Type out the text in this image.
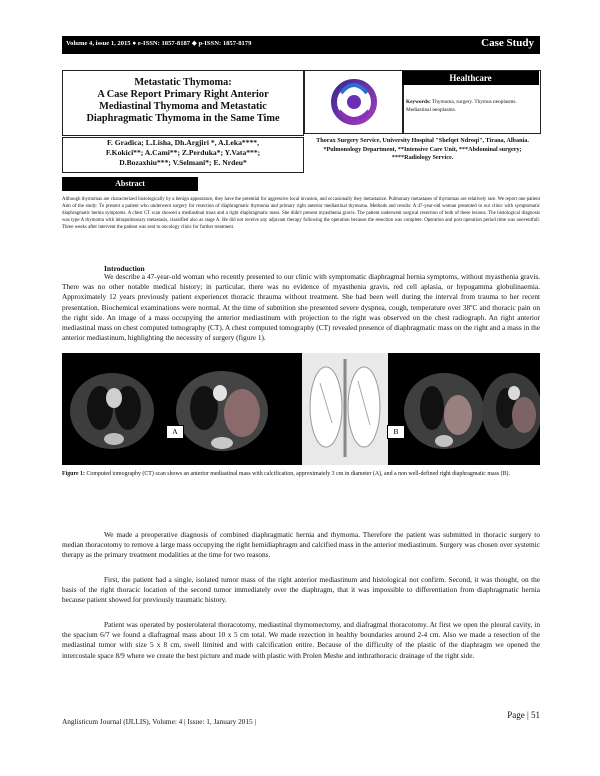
Volume 4, issue 1, 2015 ● e-ISSN: 1857-8187 ◆ p-ISSN: 1857-8179	Case Study
Metastatic Thymoma:
A Case Report Primary Right Anterior
Mediastinal Thymoma and Metastatic
Diaphragmatic Thymoma in the Same Time
Healthcare
Keywords: Thymoma, surgery. Thymus neoplasms. Mediastinal neoplasms.
F. Gradica; L.Lisha, Dh.Argjiri *, A.Leka****,
F.Kokici**; A.Cami**; Z.Perduka*; Y.Vata***;
D.Bozaxhiu***; V.Selmani*; E. Nrdeu*
Thorax Surgery Service, University Hospital "Shefqet Ndroqi", Tirana, Albania. *Pulmonology Department, **Intensive Care Unit, ***Abdominal surgery; ****Radiology Service.
Abstract
Although thymomas are characterized histologically by a benign appearance, they have the potential for aggressive local invasion, and occasionally they metastasize. Pulmonary metastases of thymomas are relatively rare. We report one patient Aim of the study: To present a patient who underwent surgery for resection of diaphragmatic thymoma and primary right anterior mediastinal thymoma. Methods and results: A 47-year-old woman presented to our clinic with symptomatic diaphragmatic hernia symptoms. A chest CT scan showed a mediastinal mass and a right diaphragmatic mass. She didn't present myasthenia gravis. The patient underwent surgical resection of both of these lesions. The histological diagnosis was type A thymoma with intrapulmonary metastasis, classified also as stage A. He did not receive any adjuvant therapy following the operation because the resection was complete. Operation and post operation period time was uneventfull. Three weeks after intervent the patient was sent to oncology clinic for further treatment.
Introduction
We describe a 47-year-old woman who recently presented to our clinic with symptomatic diaphragmal hernia symptoms, without myasthenia gravis. There was no other notable medical history; in particular, there was no evidence of myasthenia gravis, red cell aplasia, or hypogamma globulinaemia. Approximately 12 years previously patient experiencet thoracic thrauma without treatment. She had been well during the interval from trauma to her recent presentation. Biochemical examinations were normal. At the time of submition she presented severe dyspnea, cough, temperature over 38ºC and thoracic pain on the right side. An image of a mass occupying the anterior mediastinum with projection to the right was observed on the chest radiograph. An right anterior mediastinal mass on chest computed tomography (CT). A chest computed tomography (CT) revealed presence of diaphragmatic mass on the right and a mass in the anterior mediastinum, highlighting the necessity of surgery (figure 1).
A	B
Figure 1: Computed tomography (CT) scan shows an anterior mediastinal mass with calcification, approximately 3 cm in diameter (A), and a non well-defined right diaphragmatic mass (B).
We made a preoperative diagnosis of combined diaphragmatic hernia and thymoma. Therefore the patient was submitted in thoracic surgery to median thoracotomy to remove a large mass occupying the right hemidiaphragm and calcified mass in the anterior mediastinum. Surgery was chosen over systemic therapy as the primary treatment modalities at the time for two reasons.
First, the patient had a single, isolated tumor mass of the right anterior mediastinum and histological not confirm. Second, it was thought, on the basis of the right thoracic location of the second tumor immediately over the diaphragm, that it was impossible to differentiation from diaphragmatic hernia because patient showed for previously traumatic history.
Patient was operated by posterolateral thoracotomy, mediastinal thymomectomy, and diafragmal thoracotomy. At first we open the pleural cavity, in the spacium 6/7 we found a diafragmal mass about 10 x 5 cm total. We made rezection in healthy boundaries around 2-4 cm. Also we made a resection of the mediastinal tumor with size 5 x 8 cm, swell limited and with calcification entire. Because of the difficulty of the plastic of the diaphragm we opened the intercostale space 8/9 where we create the best picture and made with plastic with Prolen Meshe and inthrathoracic drainage of the right side.
Page | 51
Anglisticum Journal (IJLLIS), Volume: 4 | Issue: 1, January 2015 |
